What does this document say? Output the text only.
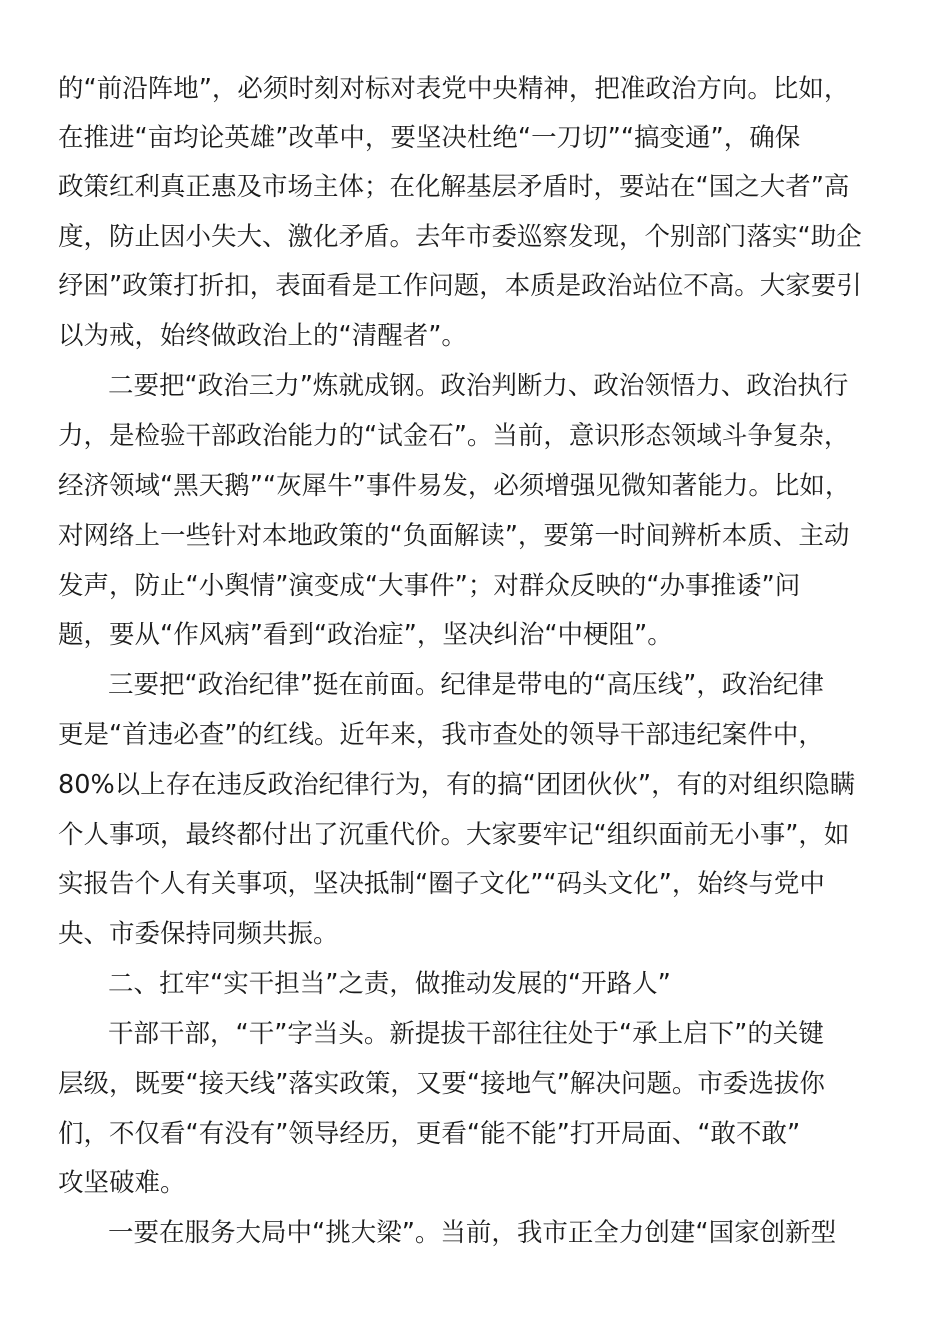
的“前沿阵地”，必须时刻对标对表党中央精神，把准政治方向。比如，
在推进“亩均论英雄”改革中，要坚决杜绝“一刀切”“搞变通”，确保
政策红利真正惠及市场主体；在化解基层矛盾时，要站在“国之大者”高
度，防止因小失大、激化矛盾。去年市委巡察发现，个别部门落实“助企
纾困”政策打折扣，表面看是工作问题，本质是政治站位不高。大家要引
以为戒，始终做政治上的“清醒者”。
二要把“政治三力”炼就成钢。政治判断力、政治领悟力、政治执行
力，是检验干部政治能力的“试金石”。当前，意识形态领域斗争复杂，
经济领域“黑天鹅”“灰犀牛”事件易发，必须增强见微知著能力。比如，
对网络上一些针对本地政策的“负面解读”，要第一时间辨析本质、主动
发声，防止“小舆情”演变成“大事件”；对群众反映的“办事推诿”问
题，要从“作风病”看到“政治症”，坚决纠治“中梗阻”。
三要把“政治纪律”挺在前面。纪律是带电的“高压线”，政治纪律
更是“首违必查”的红线。近年来，我市查处的领导干部违纪案件中，
80%以上存在违反政治纪律行为，有的搞“团团伙伙”，有的对组织隐瞒
个人事项，最终都付出了沉重代价。大家要牢记“组织面前无小事”，如
实报告个人有关事项，坚决抵制“圈子文化”“码头文化”，始终与党中
央、市委保持同频共振。
二、扛牢“实干担当”之责，做推动发展的“开路人”
干部干部，“干”字当头。新提拔干部往往处于“承上启下”的关键
层级，既要“接天线”落实政策，又要“接地气”解决问题。市委选拔你
们，不仅看“有没有”领导经历，更看“能不能”打开局面、“敢不敢”
攻坚破难。
一要在服务大局中“挑大梁”。当前，我市正全力创建“国家创新型
